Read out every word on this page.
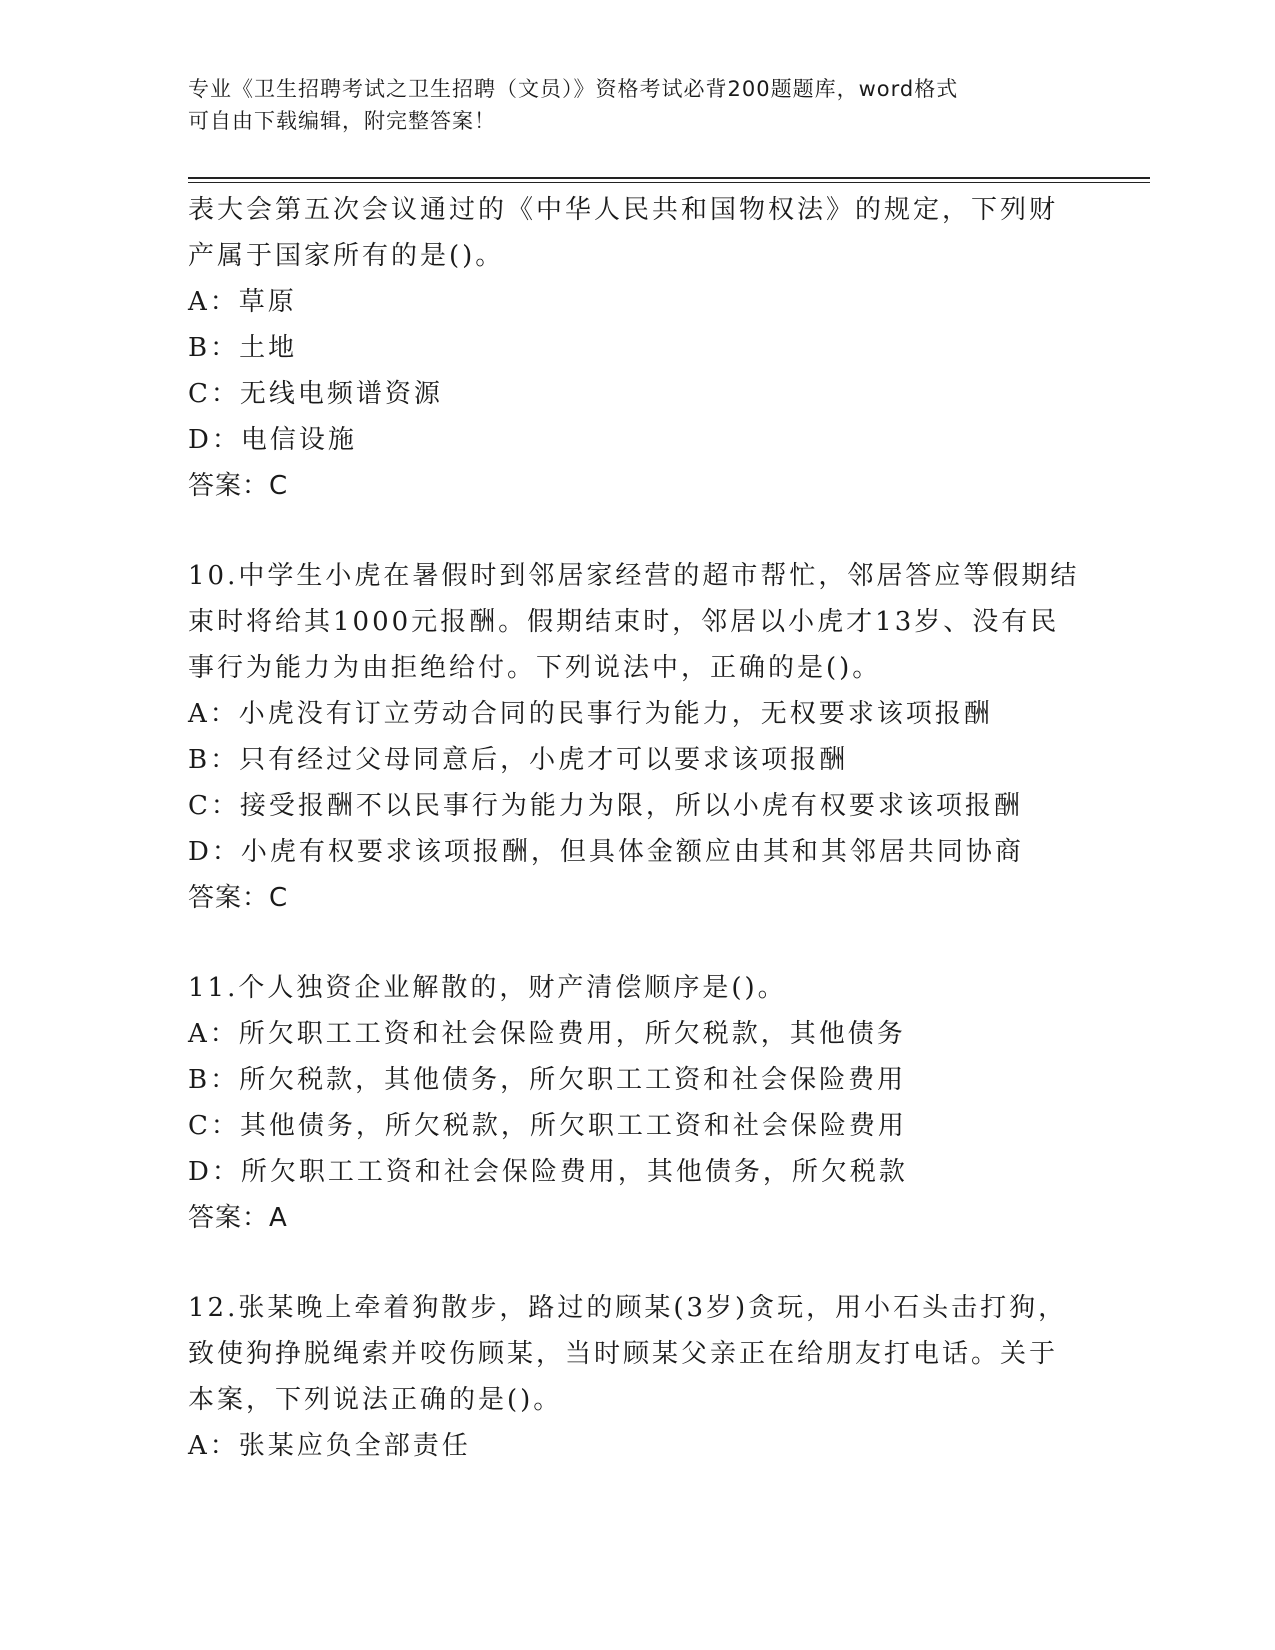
专业《卫生招聘考试之卫生招聘（文员）》资格考试必背200题题库，word格式

可自由下载编辑，附完整答案！

表大会第五次会议通过的《中华人民共和国物权法》的规定，下列财

产属于国家所有的是()。

A：草原

B：土地

C：无线电频谱资源

D：电信设施

答案：C

10.中学生小虎在暑假时到邻居家经营的超市帮忙，邻居答应等假期结

束时将给其1000元报酬。假期结束时，邻居以小虎才13岁、没有民

事行为能力为由拒绝给付。下列说法中，正确的是()。

A：小虎没有订立劳动合同的民事行为能力，无权要求该项报酬

B：只有经过父母同意后，小虎才可以要求该项报酬

C：接受报酬不以民事行为能力为限，所以小虎有权要求该项报酬

D：小虎有权要求该项报酬，但具体金额应由其和其邻居共同协商

答案：C

11.个人独资企业解散的，财产清偿顺序是()。

A：所欠职工工资和社会保险费用，所欠税款，其他债务

B：所欠税款，其他债务，所欠职工工资和社会保险费用

C：其他债务，所欠税款，所欠职工工资和社会保险费用

D：所欠职工工资和社会保险费用，其他债务，所欠税款

答案：A

12.张某晚上牵着狗散步，路过的顾某(3岁)贪玩，用小石头击打狗，

致使狗挣脱绳索并咬伤顾某，当时顾某父亲正在给朋友打电话。关于

本案，下列说法正确的是()。

A：张某应负全部责任
